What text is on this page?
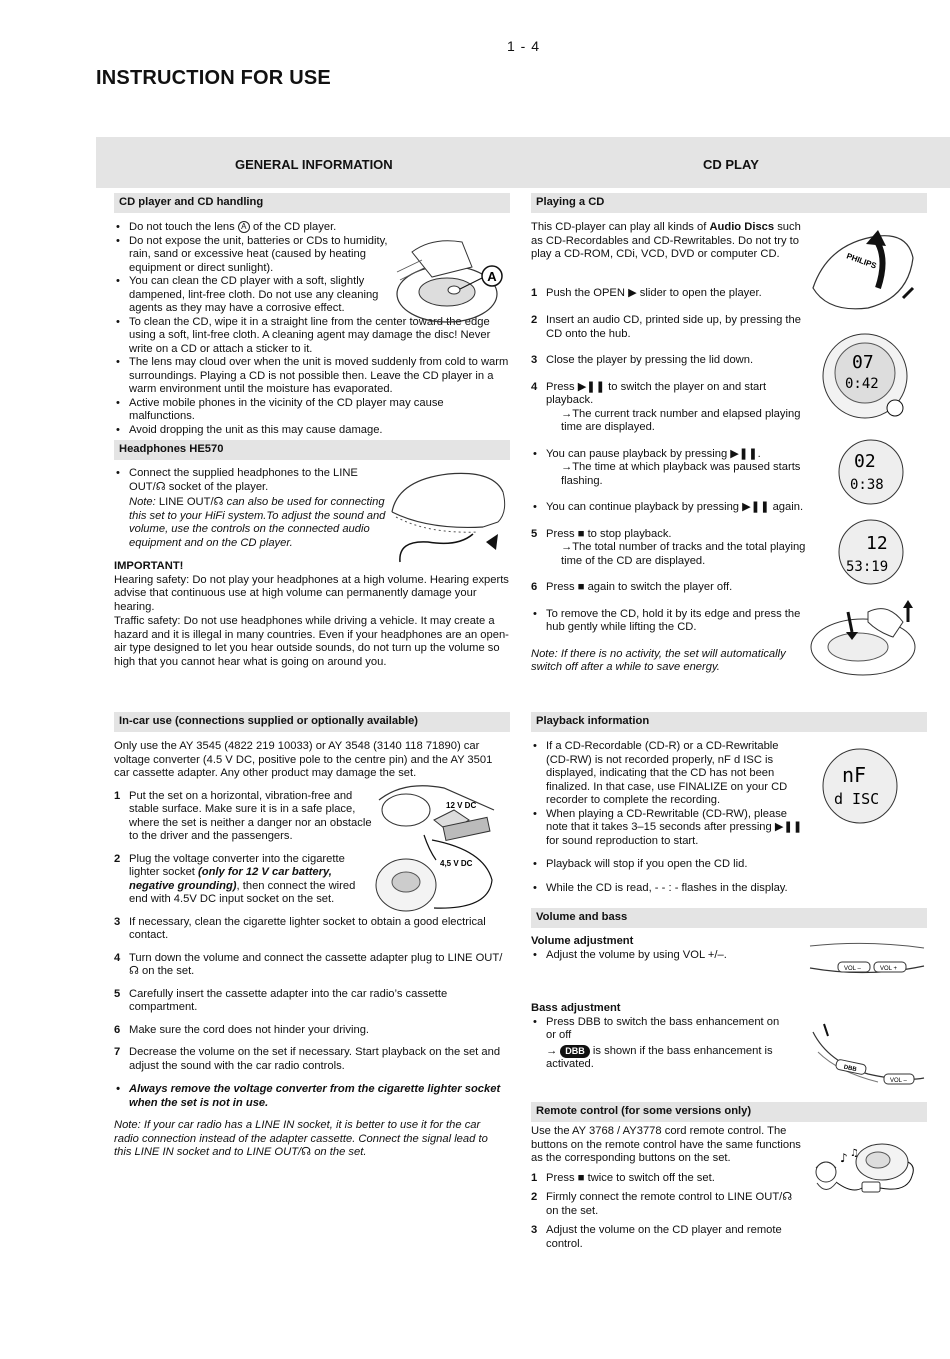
1 - 4
INSTRUCTION FOR USE
GENERAL INFORMATION	CD PLAY
CD player and CD handling
• Do not touch the lens A of the CD player.
• Do not expose the unit, batteries or CDs to humidity, rain, sand or excessive heat (caused by heating equipment or direct sunlight).
• You can clean the CD player with a soft, slightly dampened, lint-free cloth. Do not use any cleaning agents as they may have a corrosive effect.
• To clean the CD, wipe it in a straight line from the center toward the edge using a soft, lint-free cloth. A cleaning agent may damage the disc! Never write on a CD or attach a sticker to it.
• The lens may cloud over when the unit is moved suddenly from cold to warm surroundings. Playing a CD is not possible then. Leave the CD player in a warm environment until the moisture has evaporated.
• Active mobile phones in the vicinity of the CD player may cause malfunctions.
• Avoid dropping the unit as this may cause damage.
A
Headphones HE570
• Connect the supplied headphones to the LINE OUT/☊ socket of the player.
Note: LINE OUT/☊ can also be used for connecting this set to your HiFi system.To adjust the sound and volume, use the controls on the connected audio equipment and on the CD player.
IMPORTANT!
Hearing safety: Do not play your headphones at a high volume. Hearing experts advise that continuous use at high volume can permanently damage your hearing.
Traffic safety: Do not use headphones while driving a vehicle. It may create a hazard and it is illegal in many countries. Even if your headphones are an open-air type designed to let you hear outside sounds, do not turn up the volume so high that you cannot hear what is going on around you.
In-car use (connections supplied or optionally available)
Only use the AY 3545 (4822 219 10033) or AY 3548 (3140 118 71890) car voltage converter (4.5 V DC, positive pole to the centre pin) and the AY 3501 car cassette adapter. Any other product may damage the set.
1 Put the set on a horizontal, vibration-free and stable surface. Make sure it is in a safe place, where the set is neither a danger nor an obstacle to the driver and the passengers.
2 Plug the voltage converter into the cigarette lighter socket (only for 12 V car battery, negative grounding), then connect the wired end with 4.5V DC input socket on the set.
3 If necessary, clean the cigarette lighter socket to obtain a good electrical contact.
4 Turn down the volume and connect the cassette adapter plug to LINE OUT/☊ on the set.
5 Carefully insert the cassette adapter into the car radio’s cassette compartment.
6 Make sure the cord does not hinder your driving.
7 Decrease the volume on the set if necessary. Start playback on the set and adjust the sound with the car radio controls.
• Always remove the voltage converter from the cigarette lighter socket when the set is not in use.
Note: If your car radio has a LINE IN socket, it is better to use it for the car radio connection instead of the adapter cassette. Connect the signal lead to this LINE IN socket and to LINE OUT/☊ on the set.
12 V DC
4,5 V DC
Playing a CD
This CD-player can play all kinds of Audio Discs such as CD-Recordables and CD-Rewritables. Do not try to play a CD-ROM, CDi, VCD, DVD or computer CD.
1 Push the OPEN ▶ slider to open the player.
2 Insert an audio CD, printed side up, by pressing the CD onto the hub.
3 Close the player by pressing the lid down.
4 Press ▶❚❚ to switch the player on and start playback.
→The current track number and elapsed playing time are displayed.
• You can pause playback by pressing ▶❚❚.
→The time at which playback was paused starts flashing.
• You can continue playback by pressing ▶❚❚ again.
5 Press ■ to stop playback.
→The total number of tracks and the total playing time of the CD are displayed.
6 Press ■ again to switch the player off.
• To remove the CD, hold it by its edge and press the hub gently while lifting the CD.
Note: If there is no activity, the set will automatically switch off after a while to save energy.
PHILIPS
07
0:42
02
0:38
12
53:19
Playback information
• If a CD-Recordable (CD-R) or a CD-Rewritable (CD-RW) is not recorded properly, nF d ISC is displayed, indicating that the CD has not been finalized. In that case, use FINALIZE on your CD recorder to complete the recording.
• When playing a CD-Rewritable (CD-RW), please note that it takes 3–15 seconds after pressing ▶❚❚ for sound reproduction to start.
• Playback will stop if you open the CD lid.
• While the CD is read, ‐ - : - flashes in the display.
nF
d ISC
Volume and bass
Volume adjustment
• Adjust the volume by using VOL +/–.
Bass adjustment
• Press DBB to switch the bass enhancement on or off
→ DBB is shown if the bass enhancement is activated.
VOL –	VOL +
DBB
VOL –
Remote control (for some versions only)
Use the AY 3768 / AY3778 cord remote control. The buttons on the remote control have the same functions as the corresponding buttons on the set.
1 Press ■ twice to switch off the set.
2 Firmly connect the remote control to LINE OUT/☊ on the set.
3 Adjust the volume on the CD player and remote control.
♪ ♫
